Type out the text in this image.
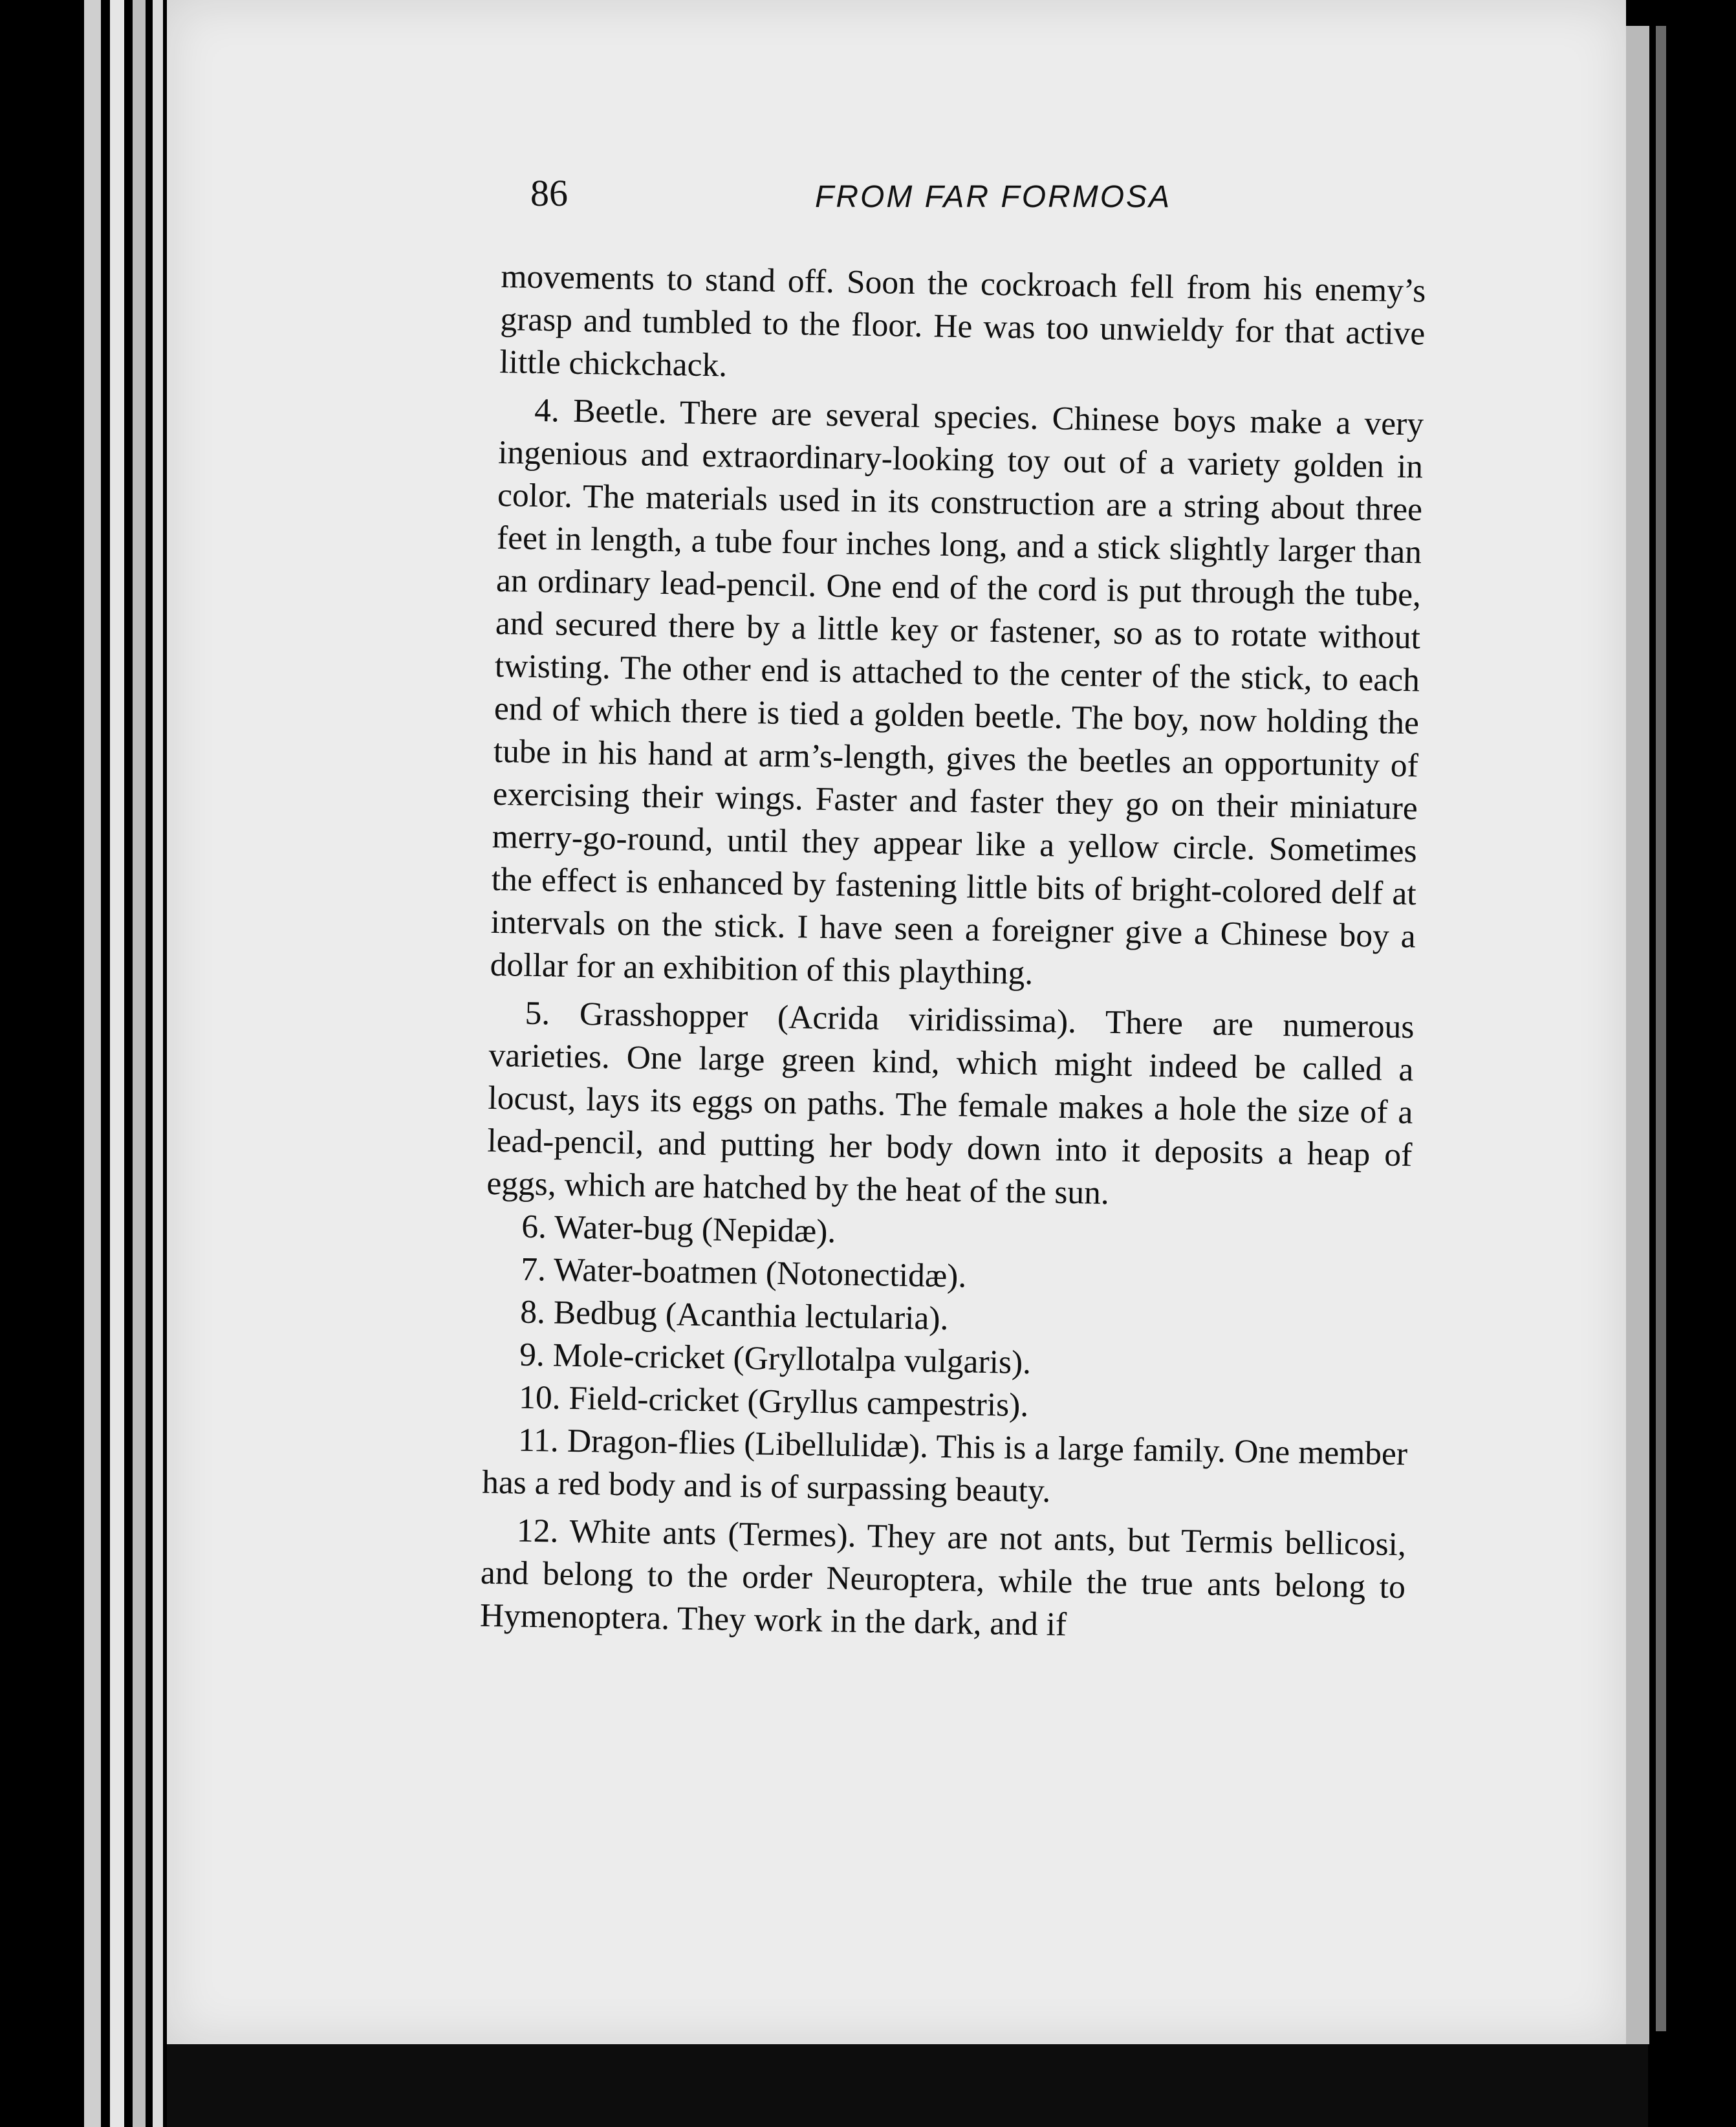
86	FROM FAR FORMOSA

movements to stand off. Soon the cockroach fell from his enemy’s grasp and tumbled to the floor. He was too unwieldy for that active little chickchack.

4. Beetle. There are several species. Chinese boys make a very ingenious and extraordinary-looking toy out of a variety golden in color. The materials used in its construction are a string about three feet in length, a tube four inches long, and a stick slightly larger than an ordinary lead-pencil. One end of the cord is put through the tube, and secured there by a little key or fastener, so as to rotate without twisting. The other end is attached to the center of the stick, to each end of which there is tied a golden beetle. The boy, now holding the tube in his hand at arm’s-length, gives the beetles an opportunity of exercising their wings. Faster and faster they go on their miniature merry-go-round, until they appear like a yellow circle. Sometimes the effect is enhanced by fastening little bits of bright-colored delf at intervals on the stick. I have seen a foreigner give a Chinese boy a dollar for an exhibition of this plaything.

5. Grasshopper (Acrida viridissima). There are numerous varieties. One large green kind, which might indeed be called a locust, lays its eggs on paths. The female makes a hole the size of a lead-pencil, and putting her body down into it deposits a heap of eggs, which are hatched by the heat of the sun.

6. Water-bug (Nepidæ).

7. Water-boatmen (Notonectidæ).

8. Bedbug (Acanthia lectularia).

9. Mole-cricket (Gryllotalpa vulgaris).

10. Field-cricket (Gryllus campestris).

11. Dragon-flies (Libellulidæ). This is a large family. One member has a red body and is of surpassing beauty.

12. White ants (Termes). They are not ants, but Termis bellicosi, and belong to the order Neuroptera, while the true ants belong to Hymenoptera. They work in the dark, and if
